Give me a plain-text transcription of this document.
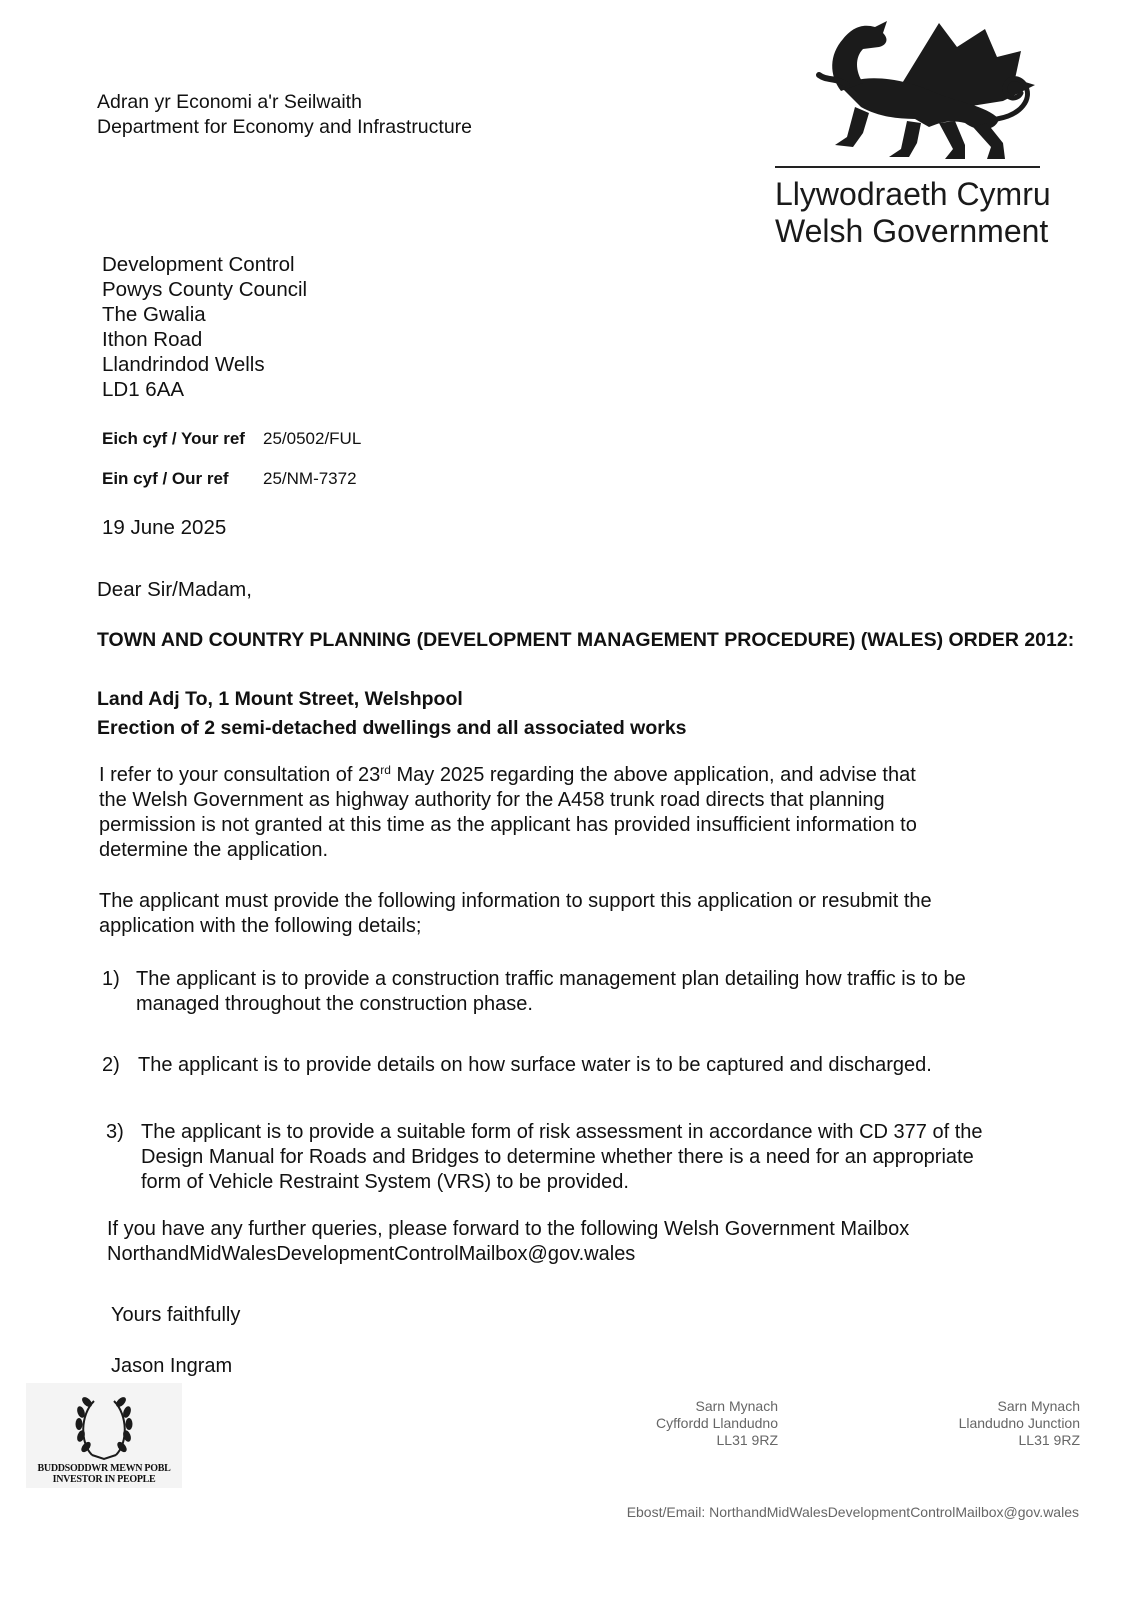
Adran yr Economi a'r Seilwaith
Department for Economy and Infrastructure
Llywodraeth Cymru
Welsh Government
Development Control
Powys County Council
The Gwalia
Ithon Road
Llandrindod Wells
LD1 6AA
Eich cyf / Your ref 25/0502/FUL
Ein cyf / Our ref 25/NM-7372
19 June 2025
Dear Sir/Madam,
TOWN AND COUNTRY PLANNING (DEVELOPMENT MANAGEMENT PROCEDURE) (WALES) ORDER 2012:
Land Adj To, 1 Mount Street, Welshpool
Erection of 2 semi-detached dwellings and all associated works
I refer to your consultation of 23rd May 2025 regarding the above application, and advise that
the Welsh Government as highway authority for the A458 trunk road directs that planning
permission is not granted at this time as the applicant has provided insufficient information to
determine the application.
The applicant must provide the following information to support this application or resubmit the
application with the following details;
1) The applicant is to provide a construction traffic management plan detailing how traffic is to be
managed throughout the construction phase.
2) The applicant is to provide details on how surface water is to be captured and discharged.
3) The applicant is to provide a suitable form of risk assessment in accordance with CD 377 of the
Design Manual for Roads and Bridges to determine whether there is a need for an appropriate
form of Vehicle Restraint System (VRS) to be provided.
If you have any further queries, please forward to the following Welsh Government Mailbox
NorthandMidWalesDevelopmentControlMailbox@gov.wales
Yours faithfully
Jason Ingram
BUDDSODDWR MEWN POBL
INVESTOR IN PEOPLE
Sarn Mynach
Cyffordd Llandudno
LL31 9RZ
Sarn Mynach
Llandudno Junction
LL31 9RZ
Ebost/Email: NorthandMidWalesDevelopmentControlMailbox@gov.wales
